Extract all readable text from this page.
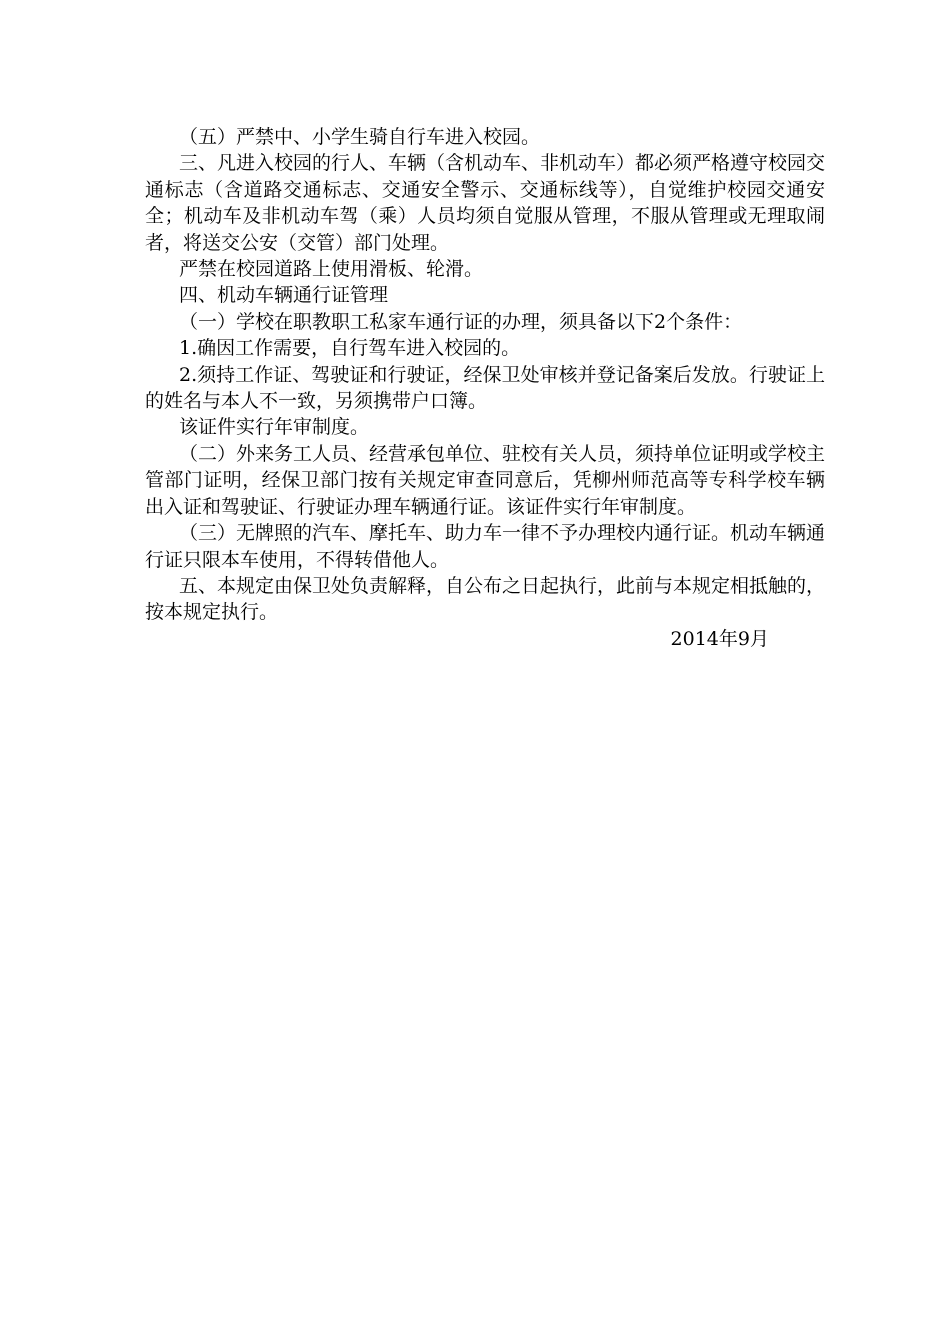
（五）严禁中、小学生骑自行车进入校园。

三、凡进入校园的行人、车辆（含机动车、非机动车）都必须严格遵守校园交通标志（含道路交通标志、交通安全警示、交通标线等），自觉维护校园交通安全；机动车及非机动车驾（乘）人员均须自觉服从管理，不服从管理或无理取闹者，将送交公安（交管）部门处理。

严禁在校园道路上使用滑板、轮滑。

四、机动车辆通行证管理

（一）学校在职教职工私家车通行证的办理，须具备以下2个条件：

1.确因工作需要，自行驾车进入校园的。

2.须持工作证、驾驶证和行驶证，经保卫处审核并登记备案后发放。行驶证上的姓名与本人不一致，另须携带户口簿。

该证件实行年审制度。

（二）外来务工人员、经营承包单位、驻校有关人员，须持单位证明或学校主管部门证明，经保卫部门按有关规定审查同意后，凭柳州师范高等专科学校车辆出入证和驾驶证、行驶证办理车辆通行证。该证件实行年审制度。

（三）无牌照的汽车、摩托车、助力车一律不予办理校内通行证。机动车辆通行证只限本车使用，不得转借他人。

五、本规定由保卫处负责解释，自公布之日起执行，此前与本规定相抵触的，按本规定执行。

2014年9月
